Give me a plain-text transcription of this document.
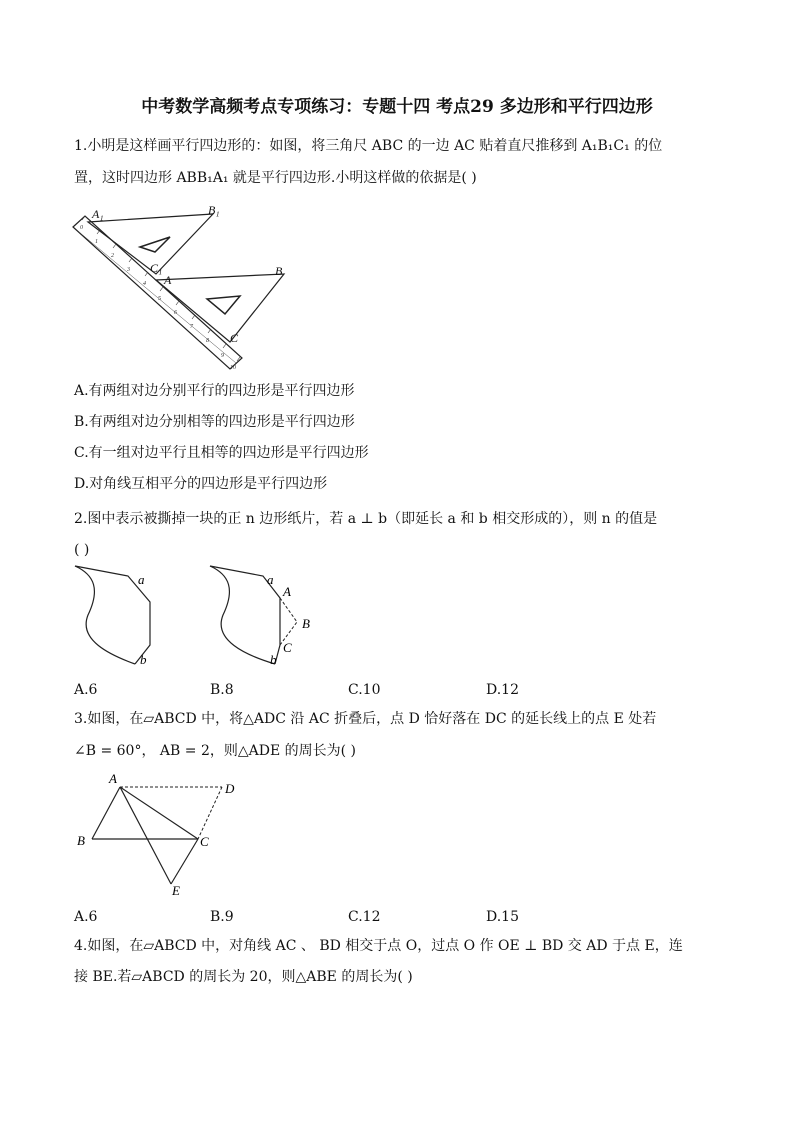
中考数学高频考点专项练习：专题十四 考点29 多边形和平行四边形
1.小明是这样画平行四边形的：如图，将三角尺 ABC 的一边 AC 贴着直尺推移到 A₁B₁C₁ 的位
置，这时四边形 ABB₁A₁ 就是平行四边形.小明这样做的依据是( )
0
1
2
3
4
5
6
7
8
9
10
A₁	B₁
C₁
A
B
C
A.有两组对边分别平行的四边形是平行四边形
B.有两组对边分别相等的四边形是平行四边形
C.有一组对边平行且相等的四边形是平行四边形
D.对角线互相平分的四边形是平行四边形
2.图中表示被撕掉一块的正 n 边形纸片，若 a ⊥ b（即延长 a 和 b 相交形成的），则 n 的值是
( )
a
b
a
A
B
C
b
A.6	B.8	C.10	D.12
3.如图，在▱ABCD 中，将△ADC 沿 AC 折叠后，点 D 恰好落在 DC 的延长线上的点 E 处若
∠B = 60°， AB = 2，则△ADE 的周长为( )
A
B	C
D
E
A.6	B.9	C.12	D.15
4.如图，在▱ABCD 中，对角线 AC 、 BD 相交于点 O，过点 O 作 OE ⊥ BD 交 AD 于点 E，连
接 BE.若▱ABCD 的周长为 20，则△ABE 的周长为( )
